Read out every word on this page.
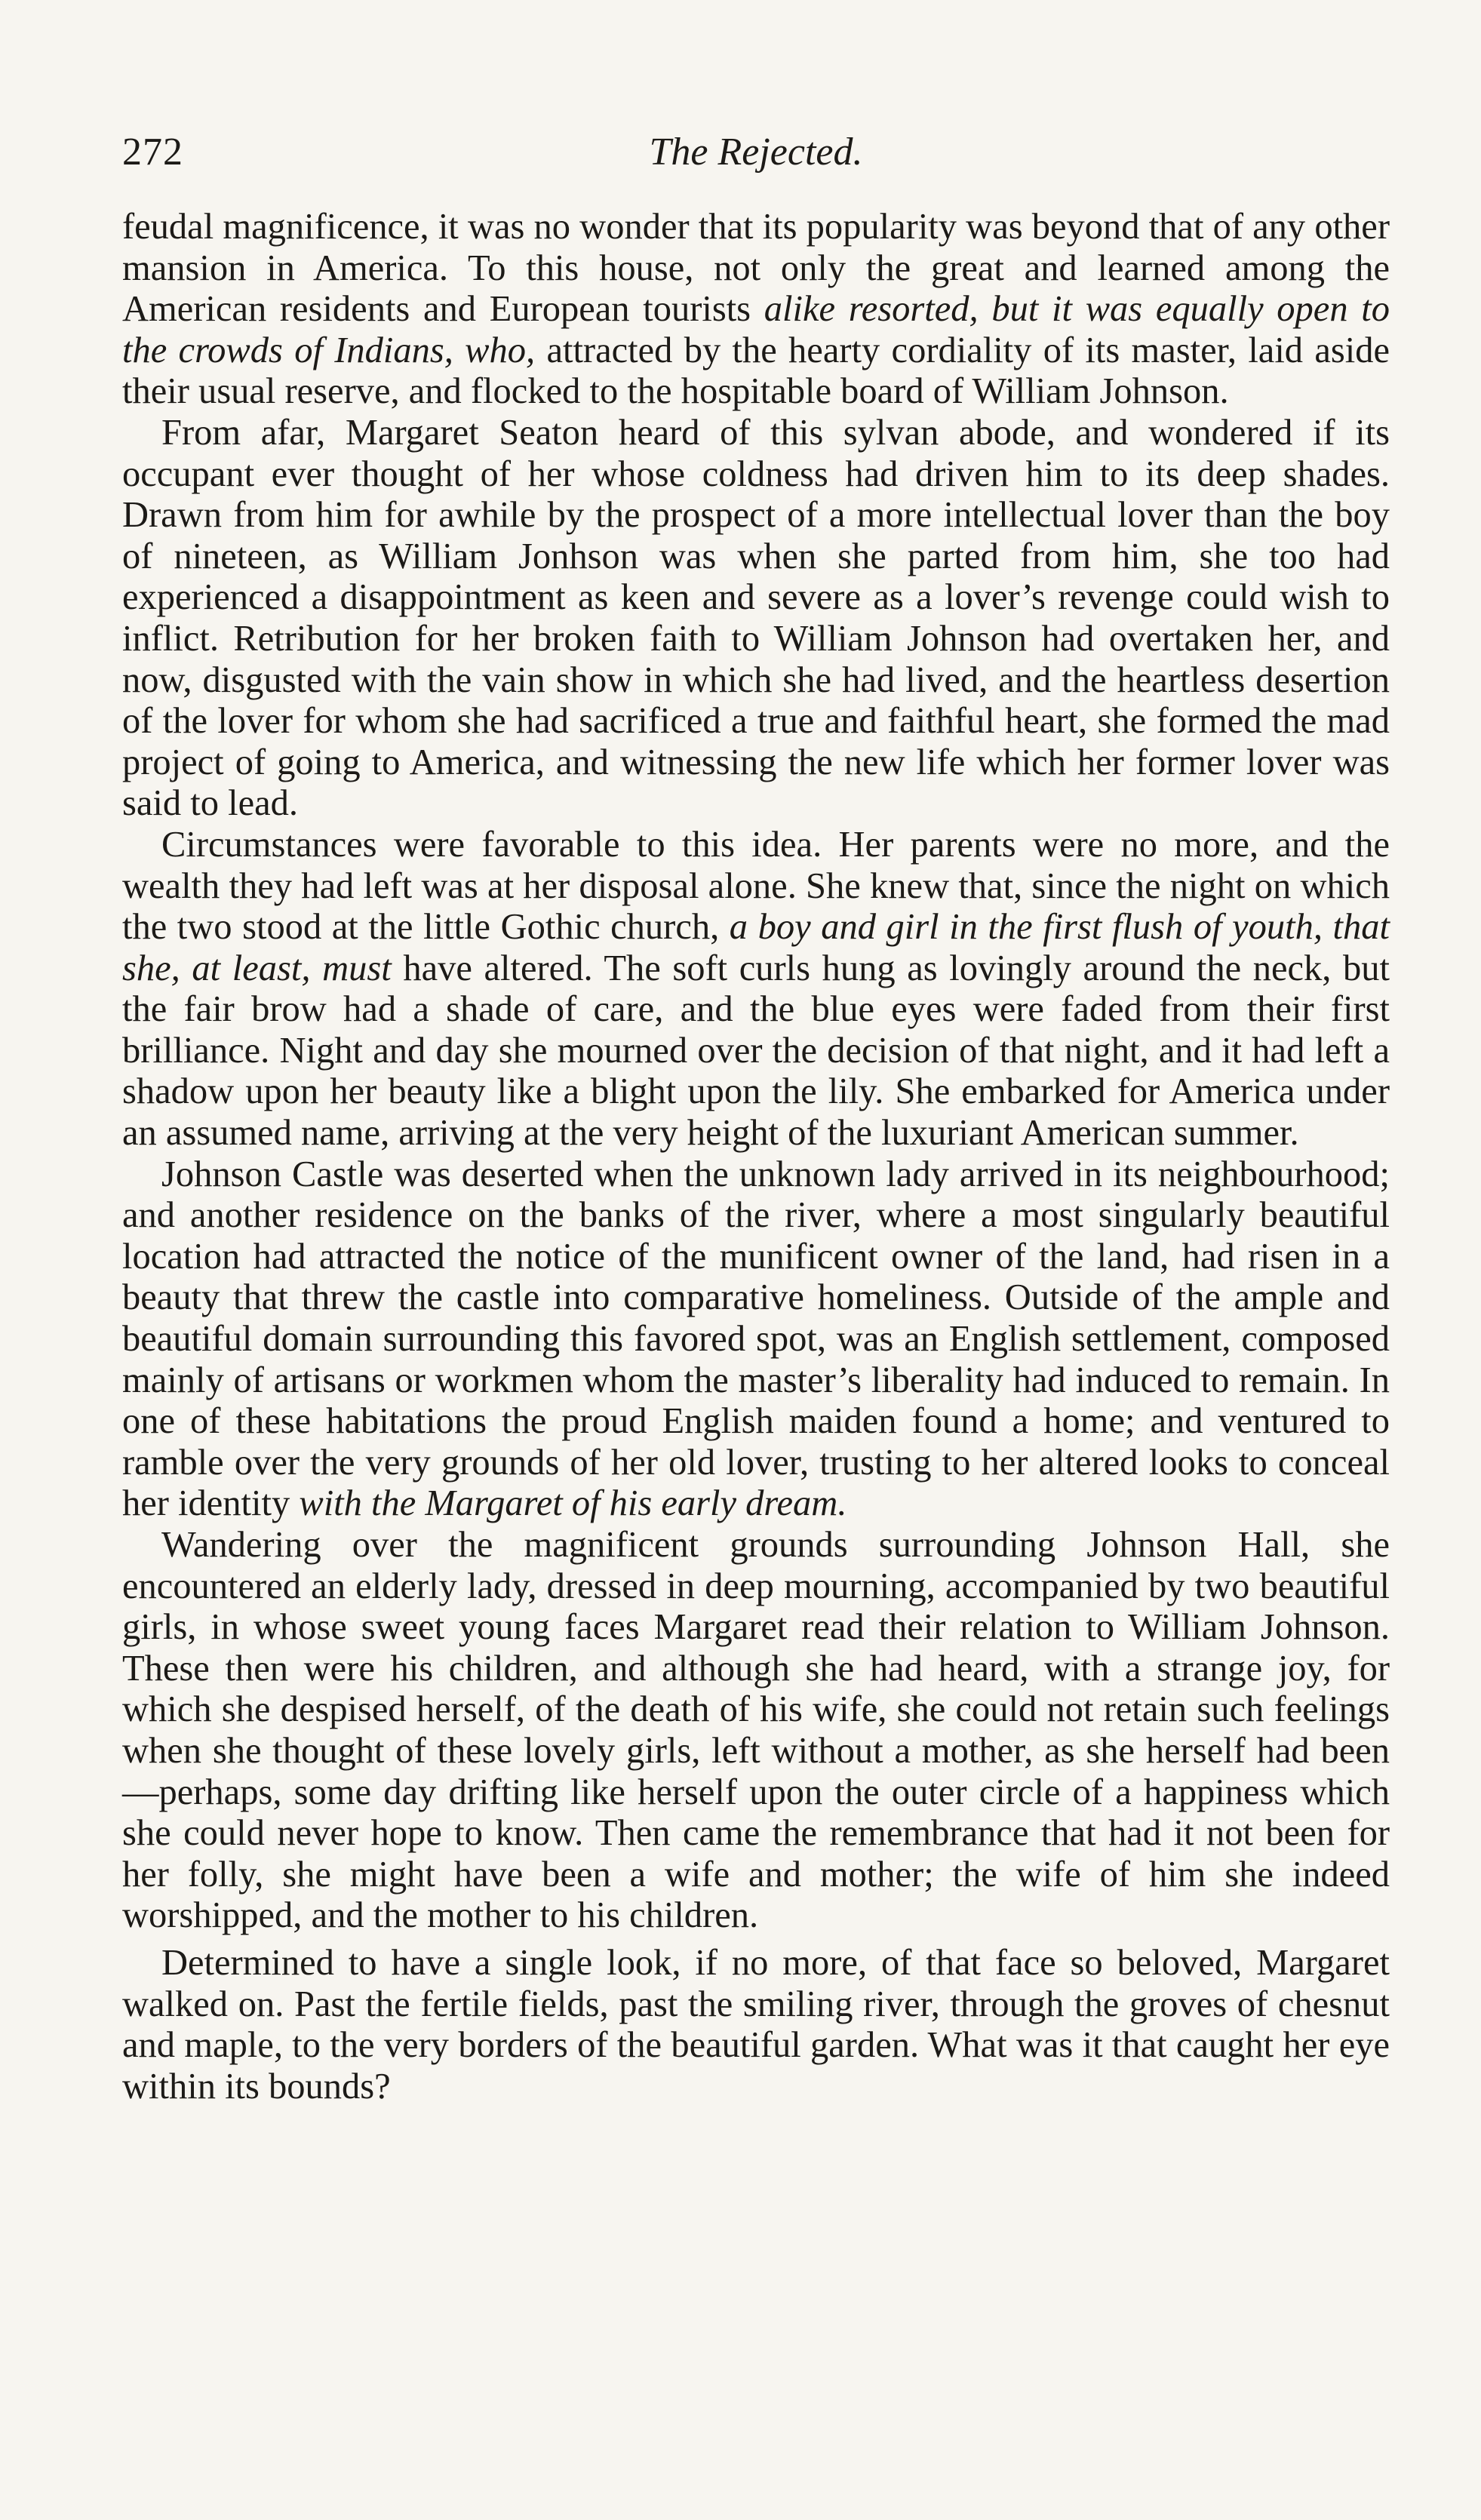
272	The Rejected.

feudal magnificence, it was no wonder that its popularity was beyond that of any other mansion in America. To this house, not only the great and learned among the American residents and European tourists alike resorted, but it was equally open to the crowds of Indians, who, attracted by the hearty cordiality of its master, laid aside their usual reserve, and flocked to the hospitable board of William Johnson.

From afar, Margaret Seaton heard of this sylvan abode, and wondered if its occupant ever thought of her whose coldness had driven him to its deep shades. Drawn from him for awhile by the prospect of a more intellectual lover than the boy of nineteen, as William Jonhson was when she parted from him, she too had experienced a disappointment as keen and severe as a lover’s revenge could wish to inflict. Retribution for her broken faith to William Johnson had overtaken her, and now, disgusted with the vain show in which she had lived, and the heartless desertion of the lover for whom she had sacrificed a true and faithful heart, she formed the mad project of going to America, and witnessing the new life which her former lover was said to lead.

Circumstances were favorable to this idea. Her parents were no more, and the wealth they had left was at her disposal alone. She knew that, since the night on which the two stood at the little Gothic church, a boy and girl in the first flush of youth, that she, at least, must have altered. The soft curls hung as lovingly around the neck, but the fair brow had a shade of care, and the blue eyes were faded from their first brilliance. Night and day she mourned over the decision of that night, and it had left a shadow upon her beauty like a blight upon the lily. She embarked for America under an assumed name, arriving at the very height of the luxuriant American summer.

Johnson Castle was deserted when the unknown lady arrived in its neighbourhood; and another residence on the banks of the river, where a most singularly beautiful location had attracted the notice of the munificent owner of the land, had risen in a beauty that threw the castle into comparative homeliness. Outside of the ample and beautiful domain surrounding this favored spot, was an English settlement, composed mainly of artisans or workmen whom the master’s liberality had induced to remain. In one of these habitations the proud English maiden found a home; and ventured to ramble over the very grounds of her old lover, trusting to her altered looks to conceal her identity with the Margaret of his early dream.

Wandering over the magnificent grounds surrounding Johnson Hall, she encountered an elderly lady, dressed in deep mourning, accompanied by two beautiful girls, in whose sweet young faces Margaret read their relation to William Johnson. These then were his children, and although she had heard, with a strange joy, for which she despised herself, of the death of his wife, she could not retain such feelings when she thought of these lovely girls, left without a mother, as she herself had been—perhaps, some day drifting like herself upon the outer circle of a happiness which she could never hope to know. Then came the remembrance that had it not been for her folly, she might have been a wife and mother; the wife of him she indeed worshipped, and the mother to his children.

Determined to have a single look, if no more, of that face so beloved, Margaret walked on. Past the fertile fields, past the smiling river, through the groves of chesnut and maple, to the very borders of the beautiful garden. What was it that caught her eye within its bounds?
